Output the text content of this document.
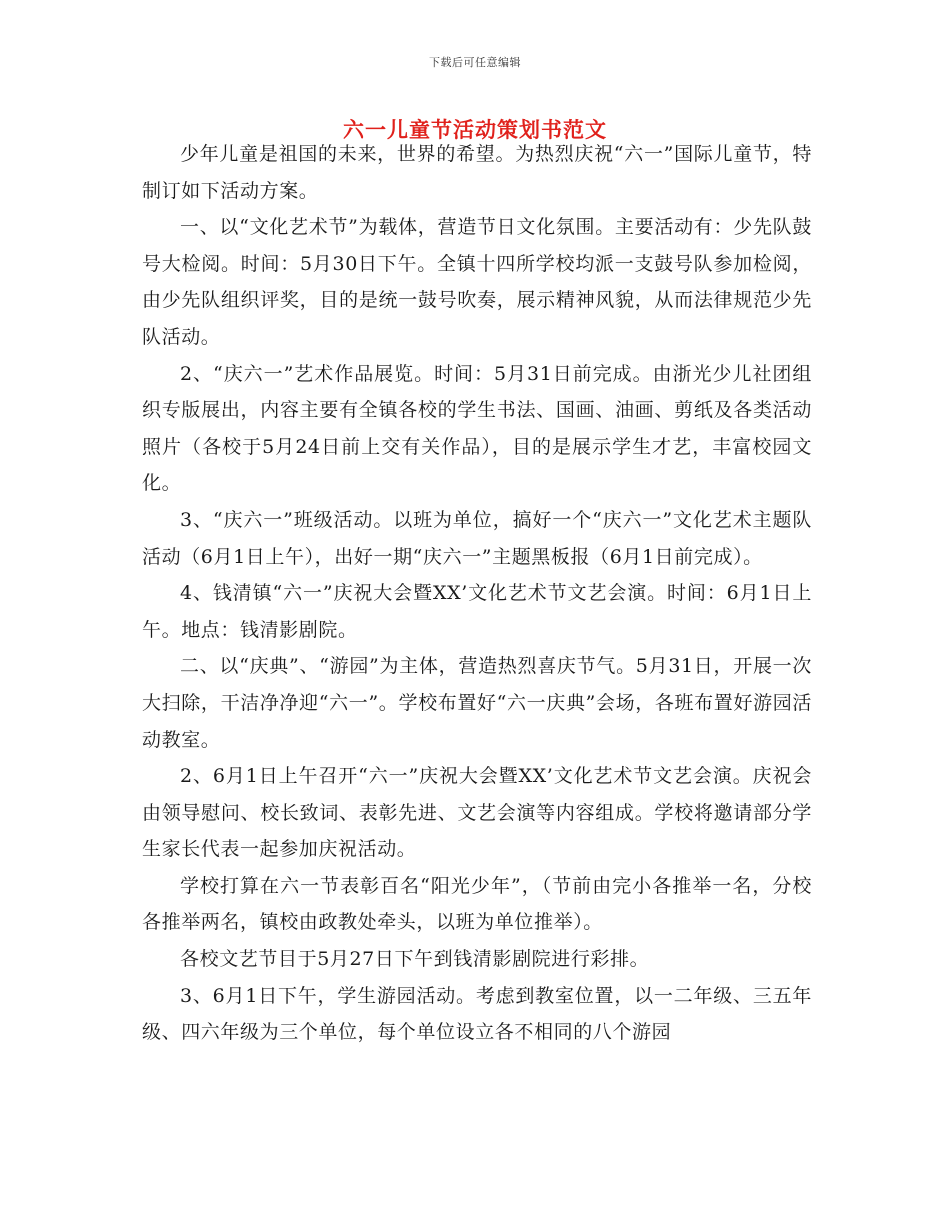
下载后可任意编辑
六一儿童节活动策划书范文

少年儿童是祖国的未来，世界的希望。为热烈庆祝“六一”国际儿童节，特制订如下活动方案。

一、以“文化艺术节”为载体，营造节日文化氛围。主要活动有：少先队鼓号大检阅。时间：5月30日下午。全镇十四所学校均派一支鼓号队参加检阅，由少先队组织评奖，目的是统一鼓号吹奏，展示精神风貌，从而法律规范少先队活动。

2、“庆六一”艺术作品展览。时间：5月31日前完成。由浙光少儿社团组织专版展出，内容主要有全镇各校的学生书法、国画、油画、剪纸及各类活动照片（各校于5月24日前上交有关作品），目的是展示学生才艺，丰富校园文化。

3、“庆六一”班级活动。以班为单位，搞好一个“庆六一”文化艺术主题队活动（6月1日上午），出好一期“庆六一”主题黑板报（6月1日前完成）。

4、钱清镇“六一”庆祝大会暨XX’文化艺术节文艺会演。时间：6月1日上午。地点：钱清影剧院。

二、以“庆典”、“游园”为主体，营造热烈喜庆节气。5月31日，开展一次大扫除，干洁净净迎“六一”。学校布置好“六一庆典”会场，各班布置好游园活动教室。

2、6月1日上午召开“六一”庆祝大会暨XX’文化艺术节文艺会演。庆祝会由领导慰问、校长致词、表彰先进、文艺会演等内容组成。学校将邀请部分学生家长代表一起参加庆祝活动。

学校打算在六一节表彰百名“阳光少年”，（节前由完小各推举一名，分校各推举两名，镇校由政教处牵头，以班为单位推举）。

各校文艺节目于5月27日下午到钱清影剧院进行彩排。

3、6月1日下午，学生游园活动。考虑到教室位置，以一二年级、三五年级、四六年级为三个单位，每个单位设立各不相同的八个游园
